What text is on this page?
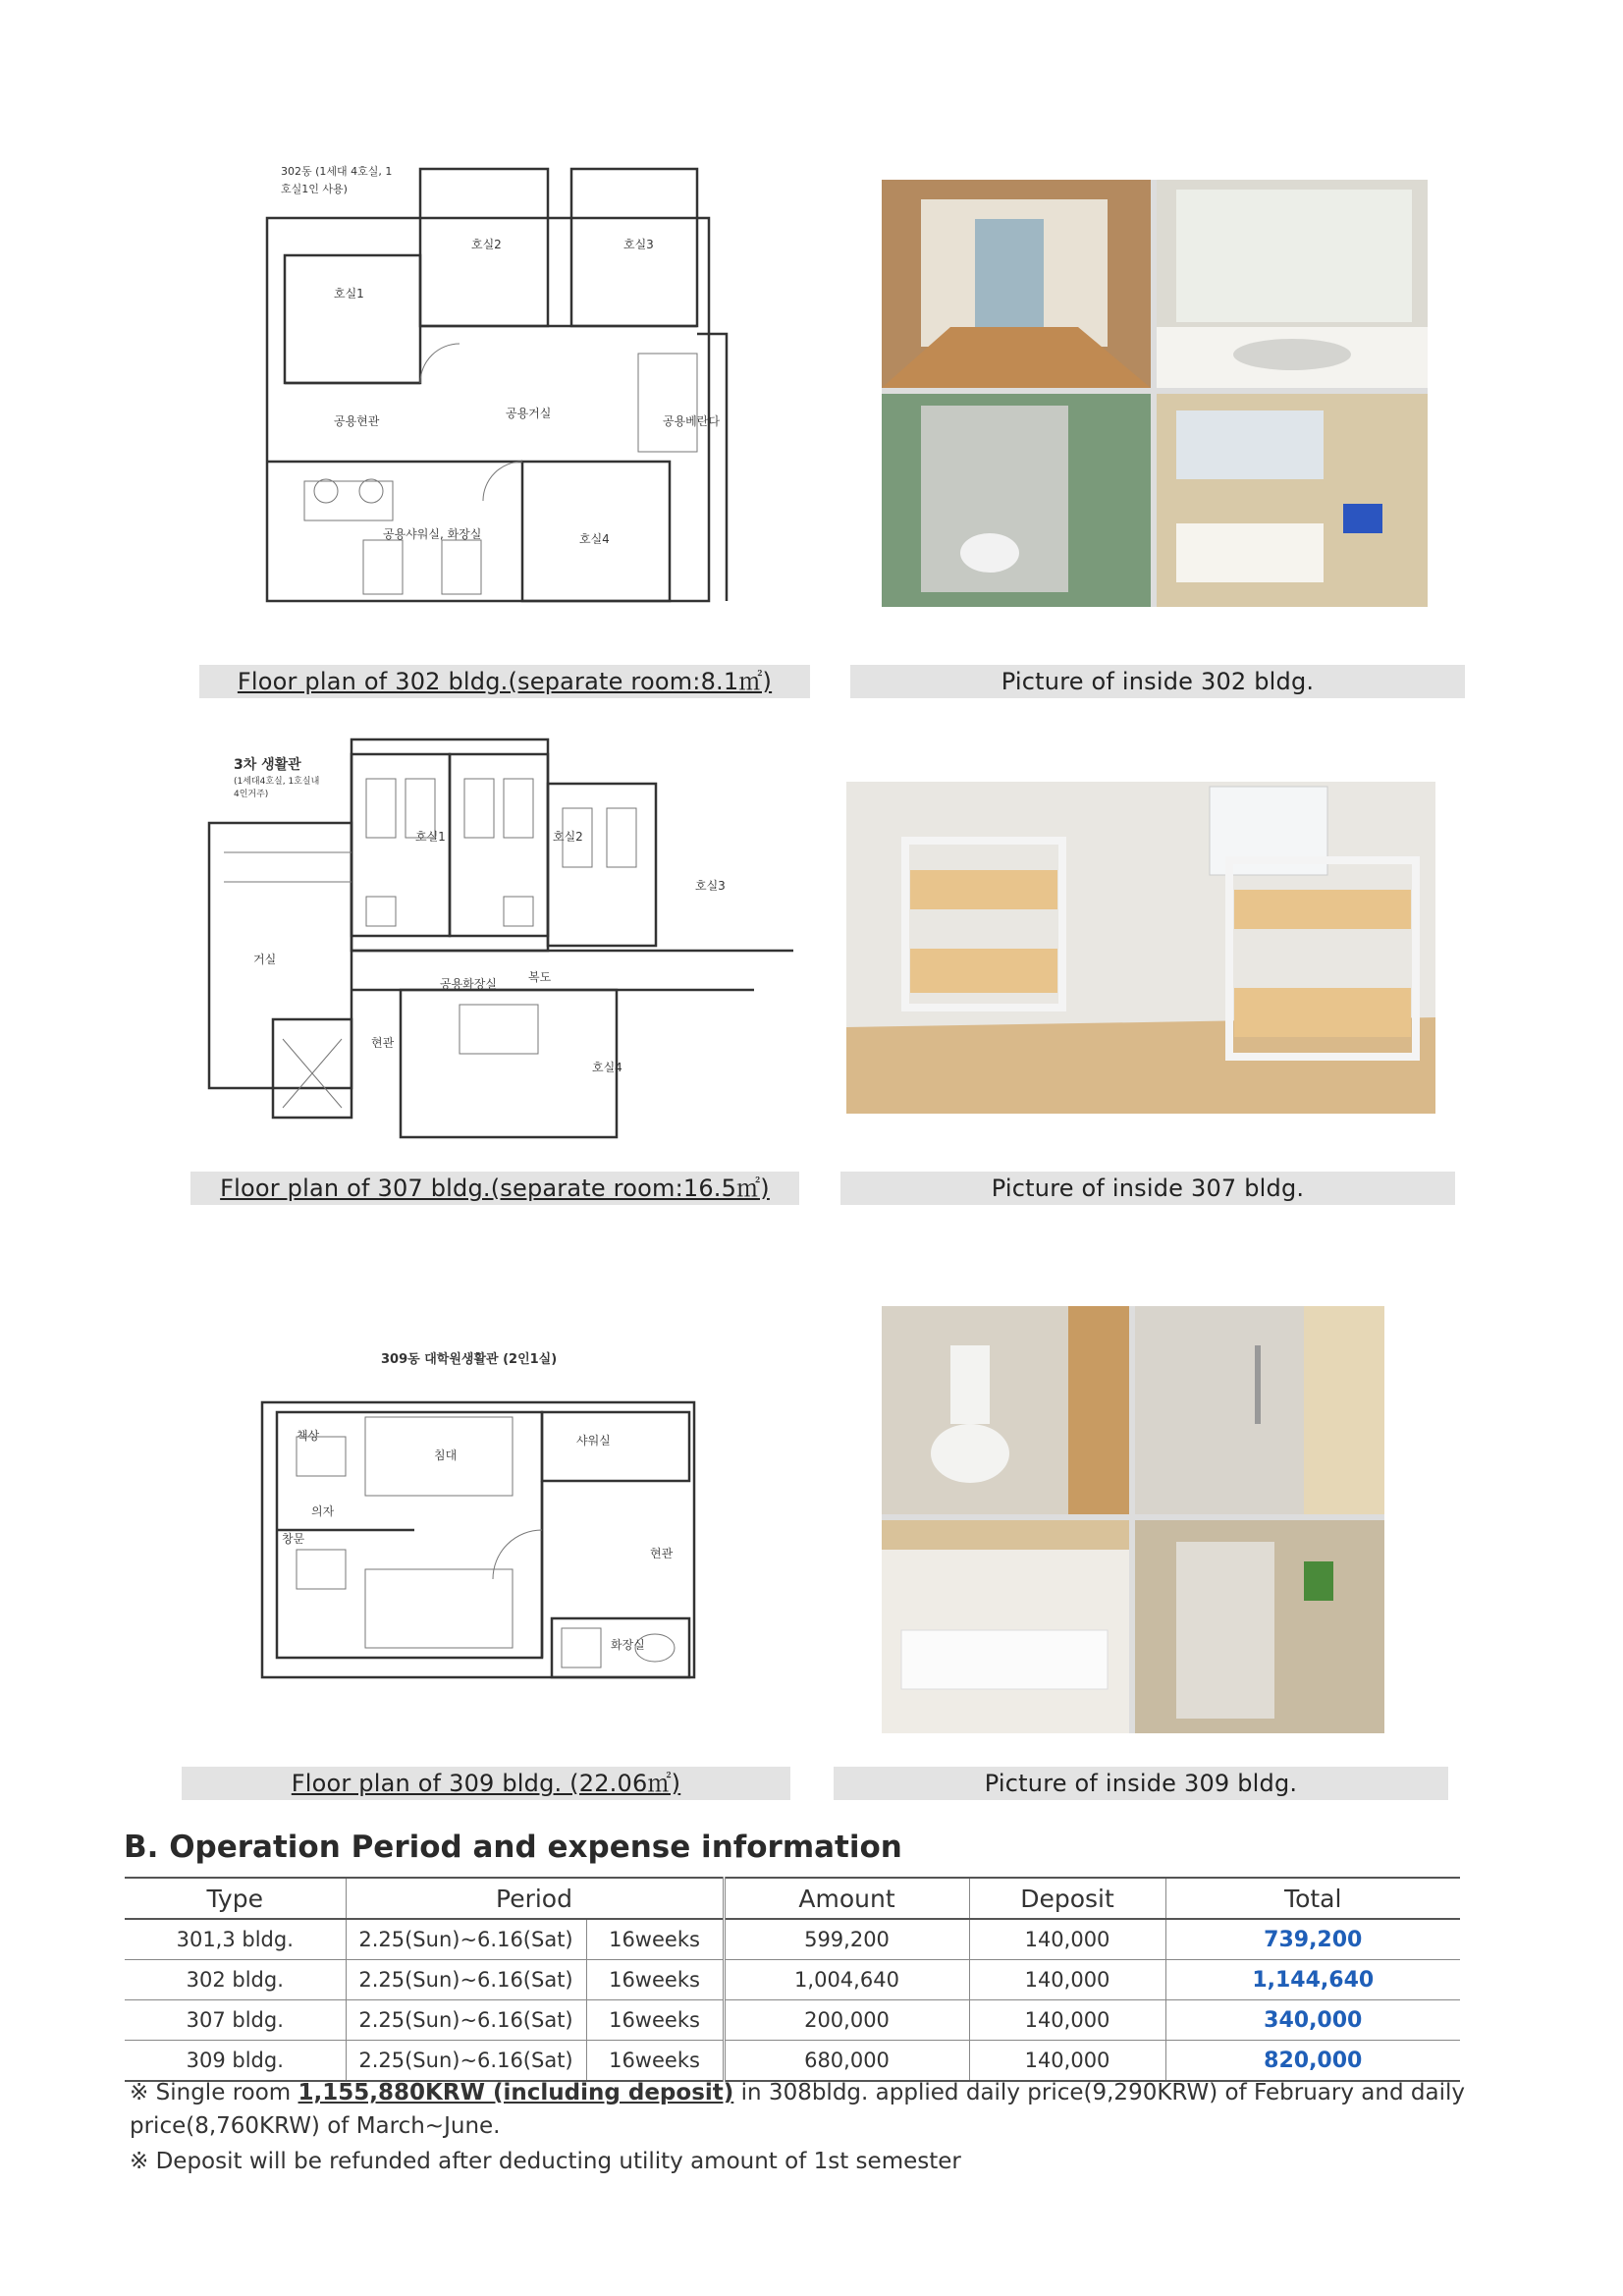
302동 (1세대 4호실, 1호실1인 사용)
호실1
호실2	호실3
공용현관
공용거실
공용베란다
공용샤워실, 화장실	호실4
Floor plan of 302 bldg.(separate room:8.1㎡)	Picture of inside 302 bldg.
3차 생활관
(1세대4호실, 1호실내4인거주)
호실1	호실2
호실3
호실4
거실
복도
현관
공용화장실
Floor plan of 307 bldg.(separate room:16.5㎡)	Picture of inside 307 bldg.
309동 대학원생활관 (2인1실)
침대
책상
의자
창문
샤워실
현관
화장실
Floor plan of 309 bldg. (22.06㎡)	Picture of inside 309 bldg.
B. Operation Period and expense information
Type	Period		Amount	Deposit	Total
301,3 bldg.	2.25(Sun)~6.16(Sat)	16weeks	599,200	140,000	739,200
302 bldg.	2.25(Sun)~6.16(Sat)	16weeks	1,004,640	140,000	1,144,640
307 bldg.	2.25(Sun)~6.16(Sat)	16weeks	200,000	140,000	340,000
309 bldg.	2.25(Sun)~6.16(Sat)	16weeks	680,000	140,000	820,000
※ Single room 1,155,880KRW (including deposit) in 308bldg. applied daily price(9,290KRW) of February and daily price(8,760KRW) of March~June.
※ Deposit will be refunded after deducting utility amount of 1st semester
